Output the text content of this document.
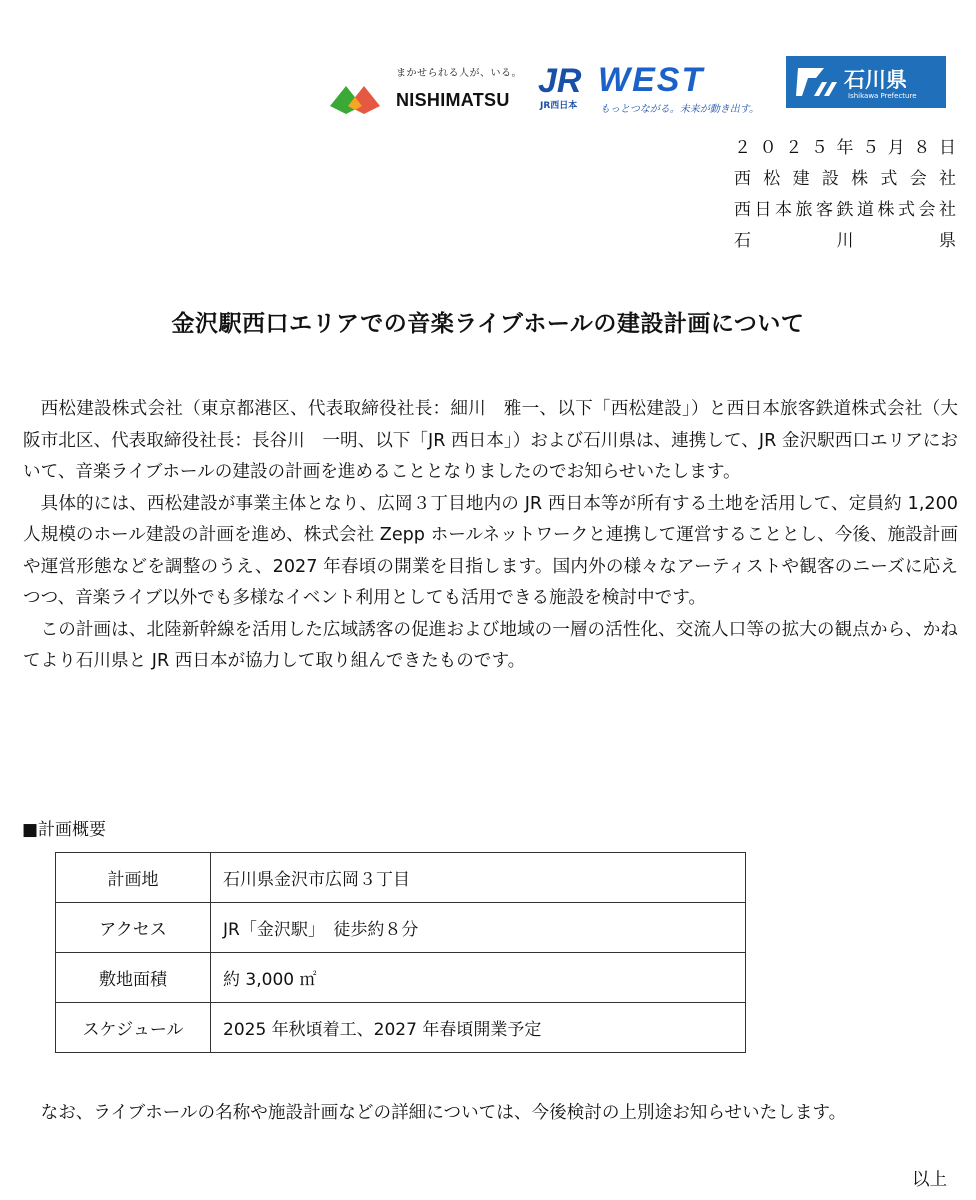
まかせられる人が、いる。
NISHIMATSU JR
JR西日本
WEST
もっとつながる。未来が動き出す。
石川県
Ishikawa Prefecture
２ ０ ２ ５ 年 ５ 月 ８ 日
西 松 建 設 株 式 会 社
西 日 本 旅 客 鉄 道 株 式 会 社
石	川	県
金沢駅西口エリアでの音楽ライブホールの建設計画について

西松建設株式会社（東京都港区、代表取締役社長：細川　雅一、以下「西松建設」）と西日本旅客鉄道株式会社（大阪市北区、代表取締役社長：長谷川　一明、以下「JR 西日本」）および石川県は、連携して、JR 金沢駅西口エリアにおいて、音楽ライブホールの建設の計画を進めることとなりましたのでお知らせいたします。

具体的には、西松建設が事業主体となり、広岡３丁目地内の JR 西日本等が所有する土地を活用して、定員約 1,200 人規模のホール建設の計画を進め、株式会社 Zepp ホールネットワークと連携して運営することとし、今後、施設計画や運営形態などを調整のうえ、2027 年春頃の開業を目指します。国内外の様々なアーティストや観客のニーズに応えつつ、音楽ライブ以外でも多様なイベント利用としても活用できる施設を検討中です。

この計画は、北陸新幹線を活用した広域誘客の促進および地域の一層の活性化、交流人口等の拡大の観点から、かねてより石川県と JR 西日本が協力して取り組んできたものです。

■計画概要
計画地	石川県金沢市広岡３丁目
アクセス	JR「金沢駅」　徒歩約８分
敷地面積	約 3,000 ㎡
スケジュール	2025 年秋頃着工、2027 年春頃開業予定

なお、ライブホールの名称や施設計画などの詳細については、今後検討の上別途お知らせいたします。

以上
